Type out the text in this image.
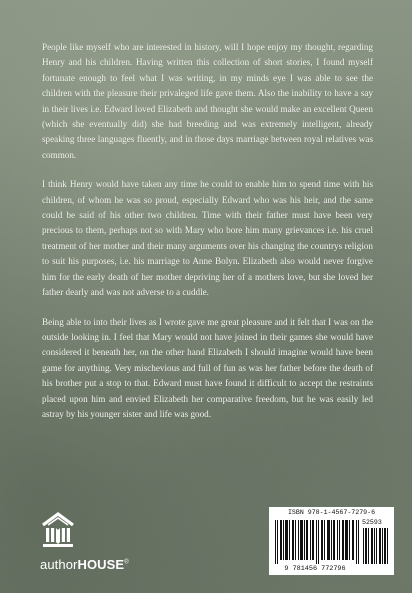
People like myself who are interested in history, will I hope enjoy my thought, regarding Henry and his children. Having written this collection of short stories, I found myself fortunate enough to feel what I was writing, in my minds eye I was able to see the children with the pleasure their privaleged life gave them. Also the inability to have a say in their lives i.e. Edward loved Elizabeth and thought she would make an excellent Queen (which she eventually did) she had breeding and was extremely intelligent, already speaking three languages fluently, and in those days marriage between royal relatives was common.

I think Henry would have taken any time he could to enable him to spend time with his children, of whom he was so proud, especially Edward who was his heir, and the same could be said of his other two children. Time with their father must have been very precious to them, perhaps not so with Mary who bore him many grievances i.e. his cruel treatment of her mother and their many arguments over his changing the countrys religion to suit his purposes, i.e. his marriage to Anne Bolyn. Elizabeth also would never forgive him for the early death of her mother depriving her of a mothers love, but she loved her father dearly and was not adverse to a cuddle.

Being able to into their lives as I wrote gave me great pleasure and it felt that I was on the outside looking in. I feel that Mary would not have joined in their games she would have considered it beneath her, on the other hand Elizabeth I should imagine would have been game for anything. Very mischevious and full of fun as was her father before the death of his brother put a stop to that. Edward must have found it difficult to accept the restraints placed upon him and envied Elizabeth her comparative freedom, but he was easily led astray by his younger sister and life was good.

authorHOUSE®
ISBN 978-1-4567-7279-6
52593
9 781456 772796
